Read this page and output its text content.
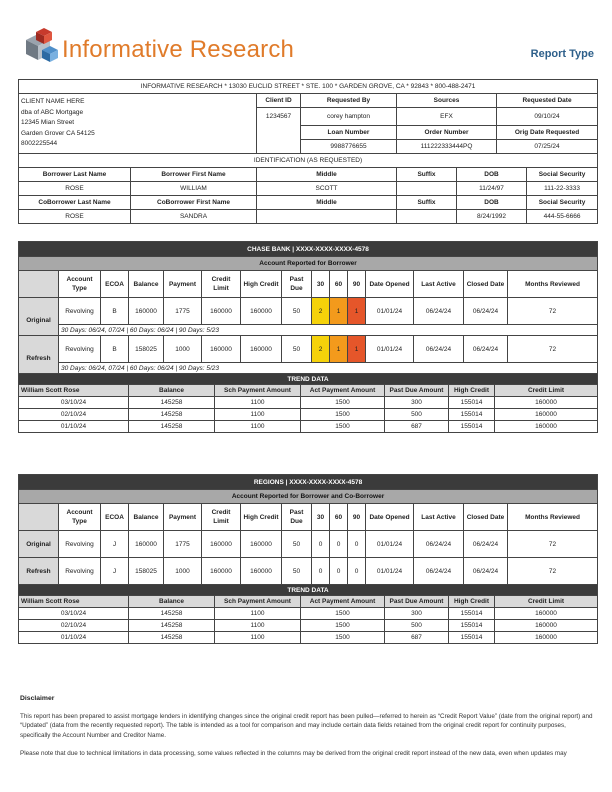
Informative Research	Report Type
INFORMATIVE RESEARCH * 13030 EUCLID STREET * STE. 100 * GARDEN GROVE, CA * 92843 * 800-488-2471				

CLIENT NAME HERE
dba of ABC Mortgage
12345 Mian Street
Garden Grover CA 54125
8002225544	Client ID	Requested By	Sources	Requested Date
	1234567	corey hampton	EFX	09/10/24
		Loan Number	Order Number	Orig Date Requested
		9988776655	111222333444PQ	07/25/24
IDENTIFICATION (AS REQUESTED)					
Borrower Last Name	Borrower First Name	Middle	Suffix	DOB	Social Security
ROSE	WILLIAM	SCOTT		11/24/97	111-22-3333
CoBorrower Last Name	CoBorrower First Name	Middle	Suffix	DOB	Social Security
ROSE	SANDRA			8/24/1992	444-55-6666
CHASE BANK | XXXX-XXXX-XXXX-4578														
Account Reported for Borrower														
	Account Type	ECOA	Balance	Payment	Credit Limit	High Credit	Past Due	30	60	90	Date Opened	Last Active	Closed Date	Months Reviewed
Original	Revolving	B	160000	1775	160000	160000	50	2	1	1	01/01/24	06/24/24	06/24/24	72
	30 Days: 06/24, 07/24 | 60 Days: 06/24 | 90 Days: 5/23													
Refresh	Revolving	B	158025	1000	160000	160000	50	2	1	1	01/01/24	06/24/24	06/24/24	72
	30 Days: 06/24, 07/24 | 60 Days: 06/24 | 90 Days: 5/23													
TREND DATA						
William Scott Rose	Balance	Sch Payment Amount	Act Payment Amount	Past Due Amount	High Credit	Credit Limit
03/10/24	145258	1100	1500	300	155014	160000
02/10/24	145258	1100	1500	500	155014	160000
01/10/24	145258	1100	1500	687	155014	160000
REGIONS | XXXX-XXXX-XXXX-4578														
Account Reported for Borrower and Co-Borrower														
	Account Type	ECOA	Balance	Payment	Credit Limit	High Credit	Past Due	30	60	90	Date Opened	Last Active	Closed Date	Months Reviewed
Original	Revolving	J	160000	1775	160000	160000	50	0	0	0	01/01/24	06/24/24	06/24/24	72
Refresh	Revolving	J	158025	1000	160000	160000	50	0	0	0	01/01/24	06/24/24	06/24/24	72
TREND DATA						
William Scott Rose	Balance	Sch Payment Amount	Act Payment Amount	Past Due Amount	High Credit	Credit Limit
03/10/24	145258	1100	1500	300	155014	160000
02/10/24	145258	1100	1500	500	155014	160000
01/10/24	145258	1100	1500	687	155014	160000
Disclaimer
This report has been prepared to assist mortgage lenders in identifying changes since the original credit report has been pulled—referred to herein as “Credit Report Value” (date from the original report) and “Updated” (data from the recently requested report). The table is intended as a tool for comparison and may include certain data fields retained from the original credit report for continuity purposes, specifically the Account Number and Creditor Name.
Please note that due to technical limitations in data processing, some values reflected in the columns may be derived from the original credit report instead of the new data, even when updates may
